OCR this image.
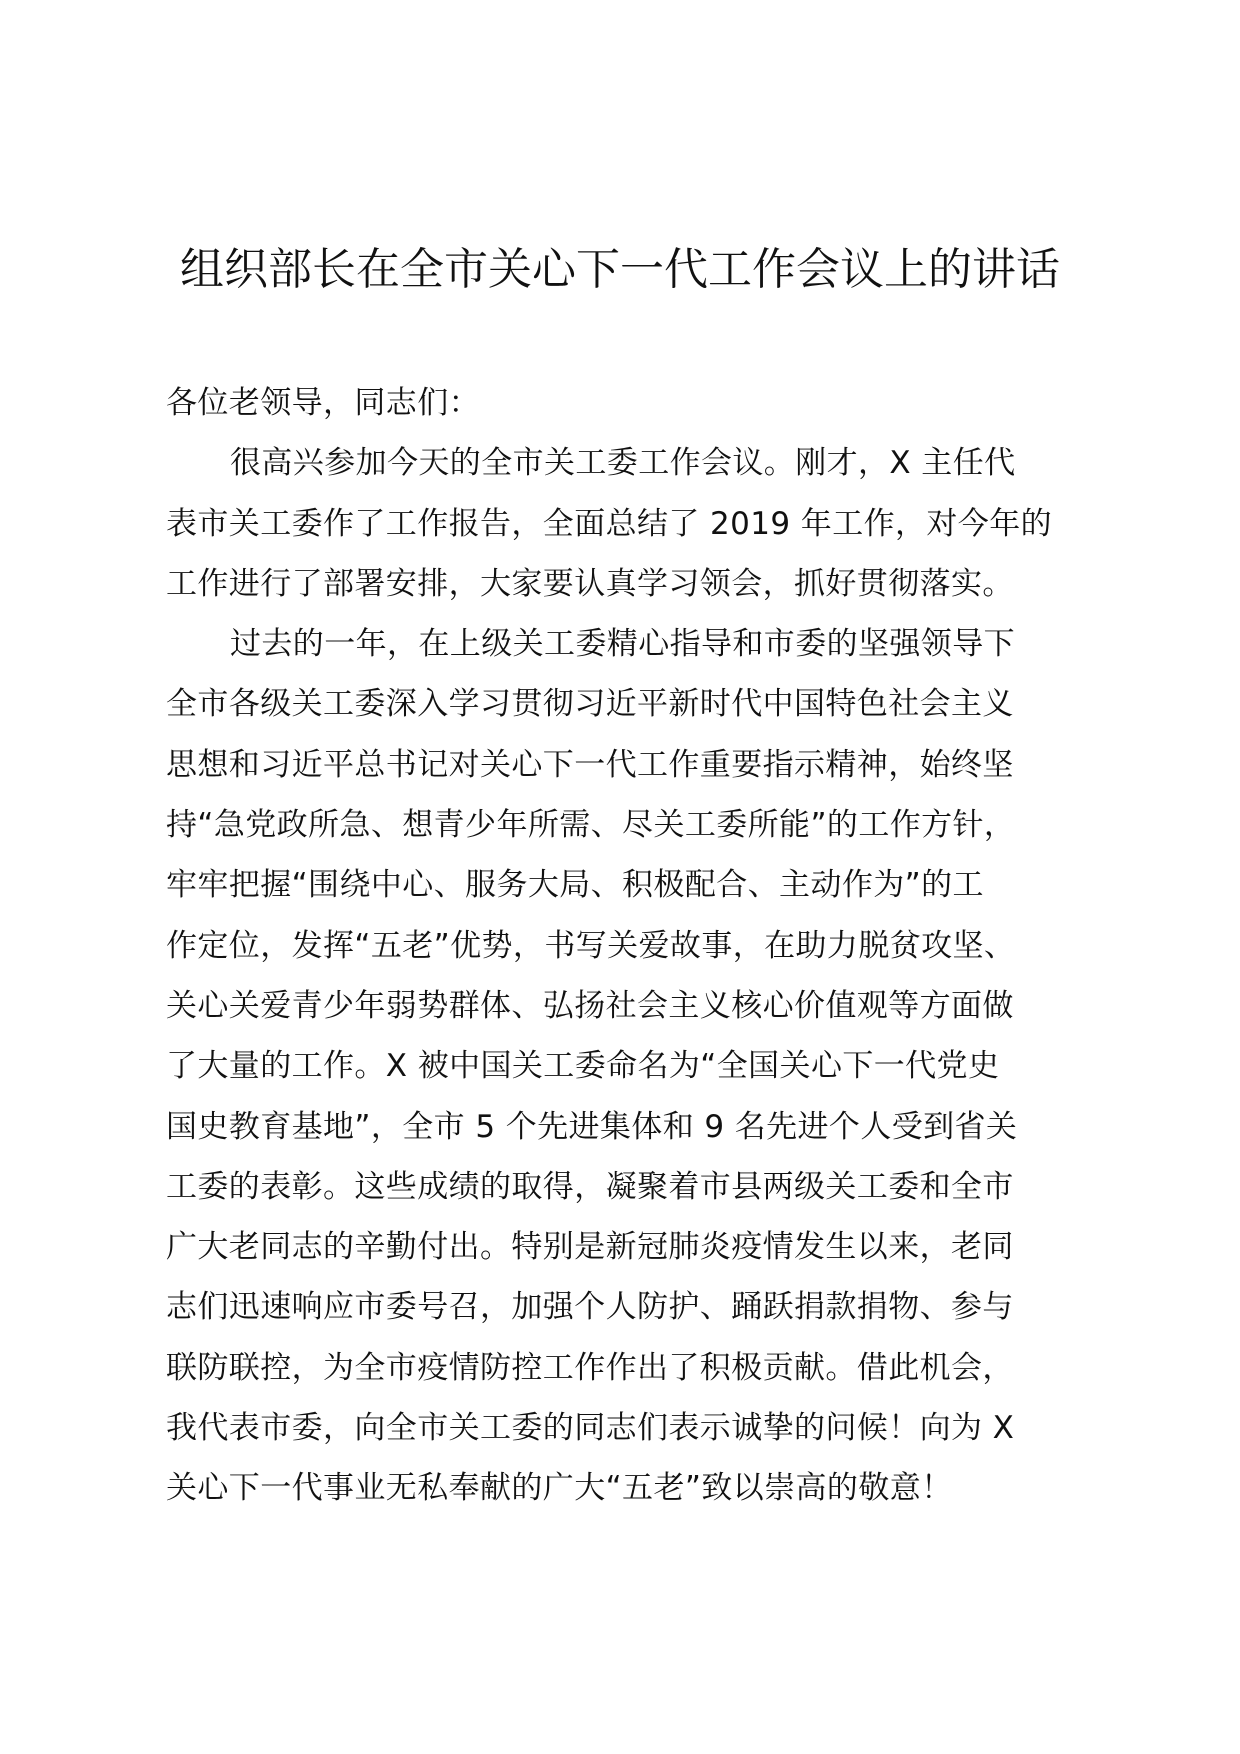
组织部长在全市关心下一代工作会议上的讲话
各位老领导，同志们：
很高兴参加今天的全市关工委工作会议。刚才，X 主任代
表市关工委作了工作报告，全面总结了 2019 年工作，对今年的
工作进行了部署安排，大家要认真学习领会，抓好贯彻落实。
过去的一年，在上级关工委精心指导和市委的坚强领导下
全市各级关工委深入学习贯彻习近平新时代中国特色社会主义
思想和习近平总书记对关心下一代工作重要指示精神，始终坚
持“急党政所急、想青少年所需、尽关工委所能”的工作方针，
牢牢把握“围绕中心、服务大局、积极配合、主动作为”的工
作定位，发挥“五老”优势，书写关爱故事，在助力脱贫攻坚、
关心关爱青少年弱势群体、弘扬社会主义核心价值观等方面做
了大量的工作。X 被中国关工委命名为“全国关心下一代党史
国史教育基地”，全市 5 个先进集体和 9 名先进个人受到省关
工委的表彰。这些成绩的取得，凝聚着市县两级关工委和全市
广大老同志的辛勤付出。特别是新冠肺炎疫情发生以来，老同
志们迅速响应市委号召，加强个人防护、踊跃捐款捐物、参与
联防联控，为全市疫情防控工作作出了积极贡献。借此机会，
我代表市委，向全市关工委的同志们表示诚挚的问候！向为 X
关心下一代事业无私奉献的广大“五老”致以崇高的敬意！
